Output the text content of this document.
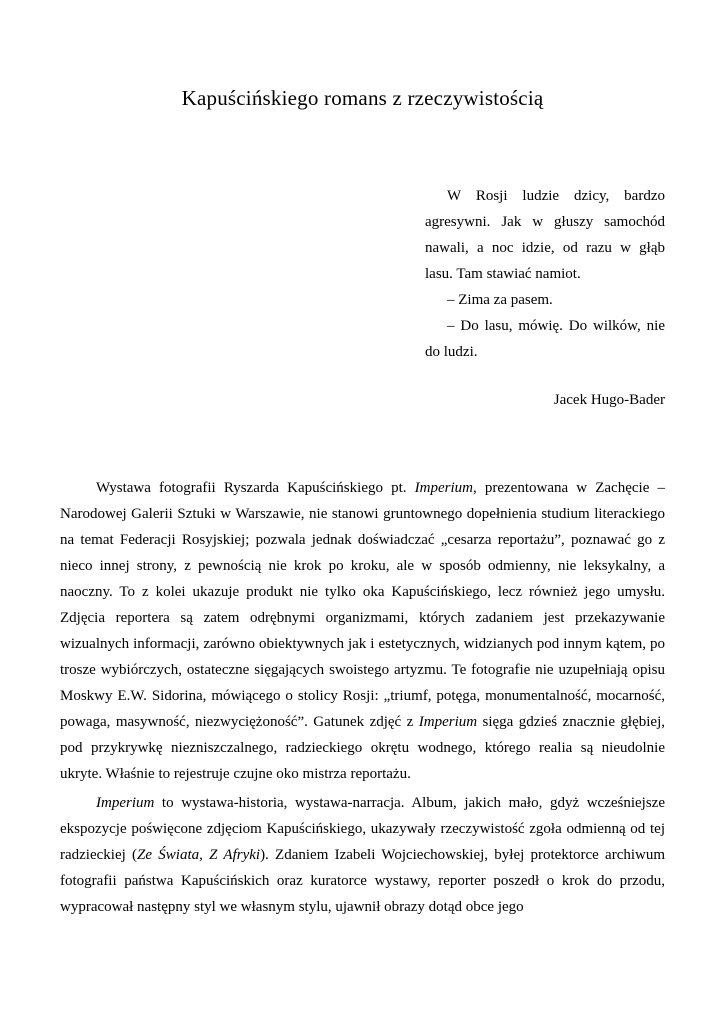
Kapuścińskiego romans z rzeczywistością

W Rosji ludzie dzicy, bardzo agresywni. Jak w głuszy samochód nawali, a noc idzie, od razu w głąb lasu. Tam stawiać namiot.

– Zima za pasem.

– Do lasu, mówię. Do wilków, nie do ludzi.

Jacek Hugo-Bader

Wystawa fotografii Ryszarda Kapuścińskiego pt. Imperium, prezentowana w Zachęcie – Narodowej Galerii Sztuki w Warszawie, nie stanowi gruntownego dopełnienia studium literackiego na temat Federacji Rosyjskiej; pozwala jednak doświadczać „cesarza reportażu”, poznawać go z nieco innej strony, z pewnością nie krok po kroku, ale w sposób odmienny, nie leksykalny, a naoczny. To z kolei ukazuje produkt nie tylko oka Kapuścińskiego, lecz również jego umysłu. Zdjęcia reportera są zatem odrębnymi organizmami, których zadaniem jest przekazywanie wizualnych informacji, zarówno obiektywnych jak i estetycznych, widzianych pod innym kątem, po trosze wybiórczych, ostateczne sięgających swoistego artyzmu. Te fotografie nie uzupełniają opisu Moskwy E.W. Sidorina, mówiącego o stolicy Rosji: „triumf, potęga, monumentalność, mocarność, powaga, masywność, niezwyciężoność”. Gatunek zdjęć z Imperium sięga gdzieś znacznie głębiej, pod przykrywkę niezniszczalnego, radzieckiego okrętu wodnego, którego realia są nieudolnie ukryte. Właśnie to rejestruje czujne oko mistrza reportażu.

Imperium to wystawa-historia, wystawa-narracja. Album, jakich mało, gdyż wcześniejsze ekspozycje poświęcone zdjęciom Kapuścińskiego, ukazywały rzeczywistość zgoła odmienną od tej radzieckiej (Ze Świata, Z Afryki). Zdaniem Izabeli Wojciechowskiej, byłej protektorce archiwum fotografii państwa Kapuścińskich oraz kuratorce wystawy, reporter poszedł o krok do przodu, wypracował następny styl we własnym stylu, ujawnił obrazy dotąd obce jego
